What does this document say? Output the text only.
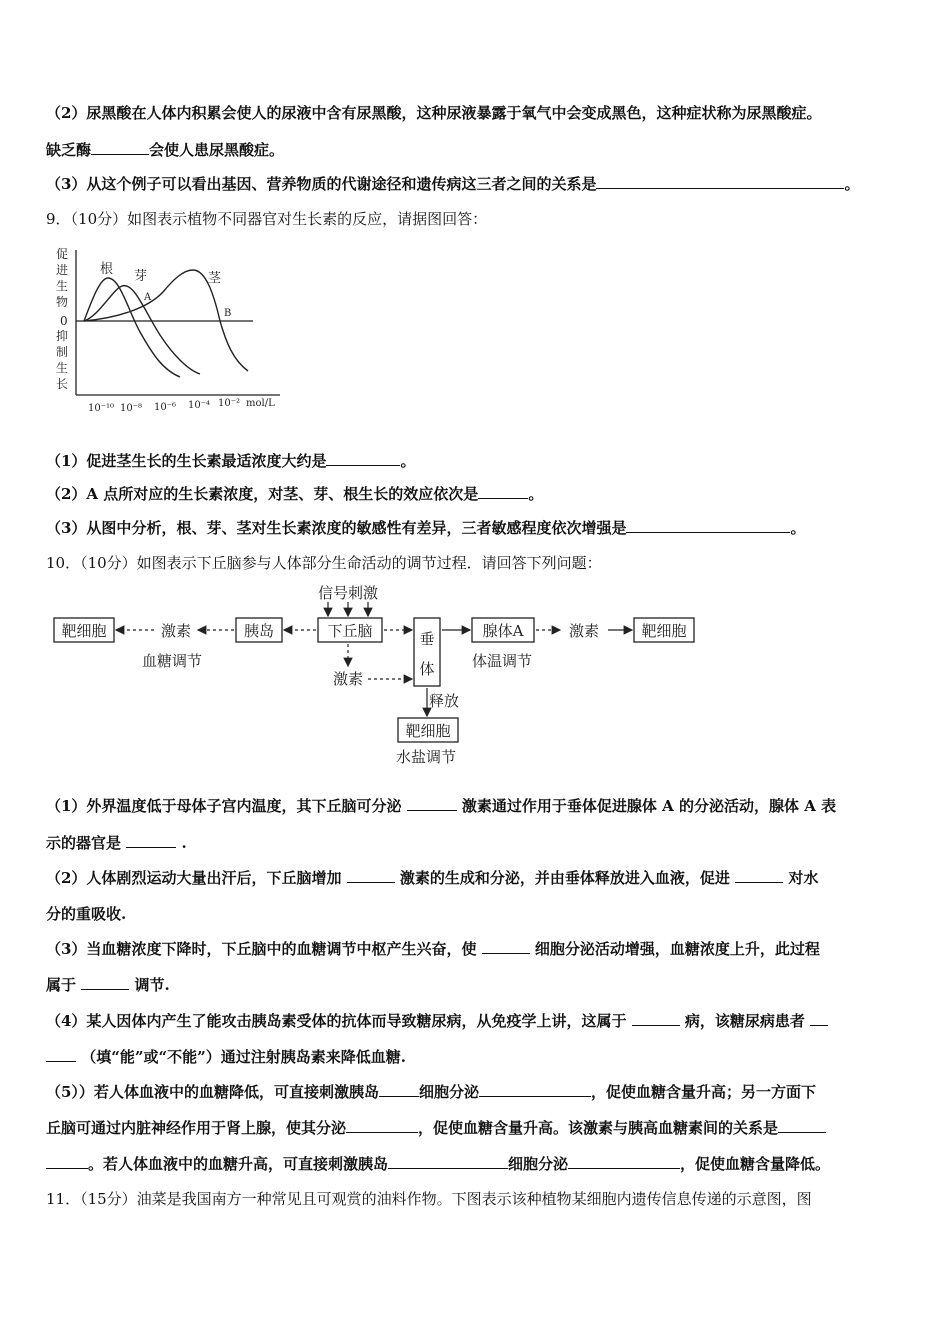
（2）尿黑酸在人体内积累会使人的尿液中含有尿黑酸，这种尿液暴露于氧气中会变成黑色，这种症状称为尿黑酸症。
缺乏酶	会使人患尿黑酸症。
（3）从这个例子可以看出基因、营养物质的代谢途径和遗传病这三者之间的关系是	。
9．（10分）如图表示植物不同器官对生长素的反应，请据图回答：
促
进
生
物
0
抑
制
生
长
根 芽	茎
A
B
10⁻¹⁰ 10⁻⁸ 10⁻⁶ 10⁻⁴ 10⁻² mol/L
（1）促进茎生长的生长素最适浓度大约是	。
（2）A 点所对应的生长素浓度，对茎、芽、根生长的效应依次是	。
（3）从图中分析，根、芽、茎对生长素浓度的敏感性有差异，三者敏感程度依次增强是	。
10．（10分）如图表示下丘脑参与人体部分生命活动的调节过程．请回答下列问题：
靶细胞	激素
血糖调节
胰岛
信号刺激
下丘脑	垂
体
腺体A
体温调节
激素	靶细胞
激素
释放
靶细胞
水盐调节
（1）外界温度低于母体子宫内温度，其下丘脑可分泌	激素通过作用于垂体促进腺体 A 的分泌活动，腺体 A 表
示的器官是	.
（2）人体剧烈运动大量出汗后，下丘脑增加	激素的生成和分泌，并由垂体释放进入血液，促进	对水
分的重吸收.
（3）当血糖浓度下降时，下丘脑中的血糖调节中枢产生兴奋，使	细胞分泌活动增强，血糖浓度上升，此过程
属于	调节.
（4）某人因体内产生了能攻击胰岛素受体的抗体而导致糖尿病，从免疫学上讲，这属于	病，该糖尿病患者
（填“能”或“不能”）通过注射胰岛素来降低血糖.
（5））若人体血液中的血糖降低，可直接刺激胰岛	细胞分泌	，促使血糖含量升高；另一方面下
丘脑可通过内脏神经作用于肾上腺，使其分泌	，促使血糖含量升高。该激素与胰高血糖素间的关系是
。若人体血液中的血糖升高，可直接刺激胰岛	细胞分泌	，促使血糖含量降低。
11．（15分）油菜是我国南方一种常见且可观赏的油料作物。下图表示该种植物某细胞内遗传信息传递的示意图，图
